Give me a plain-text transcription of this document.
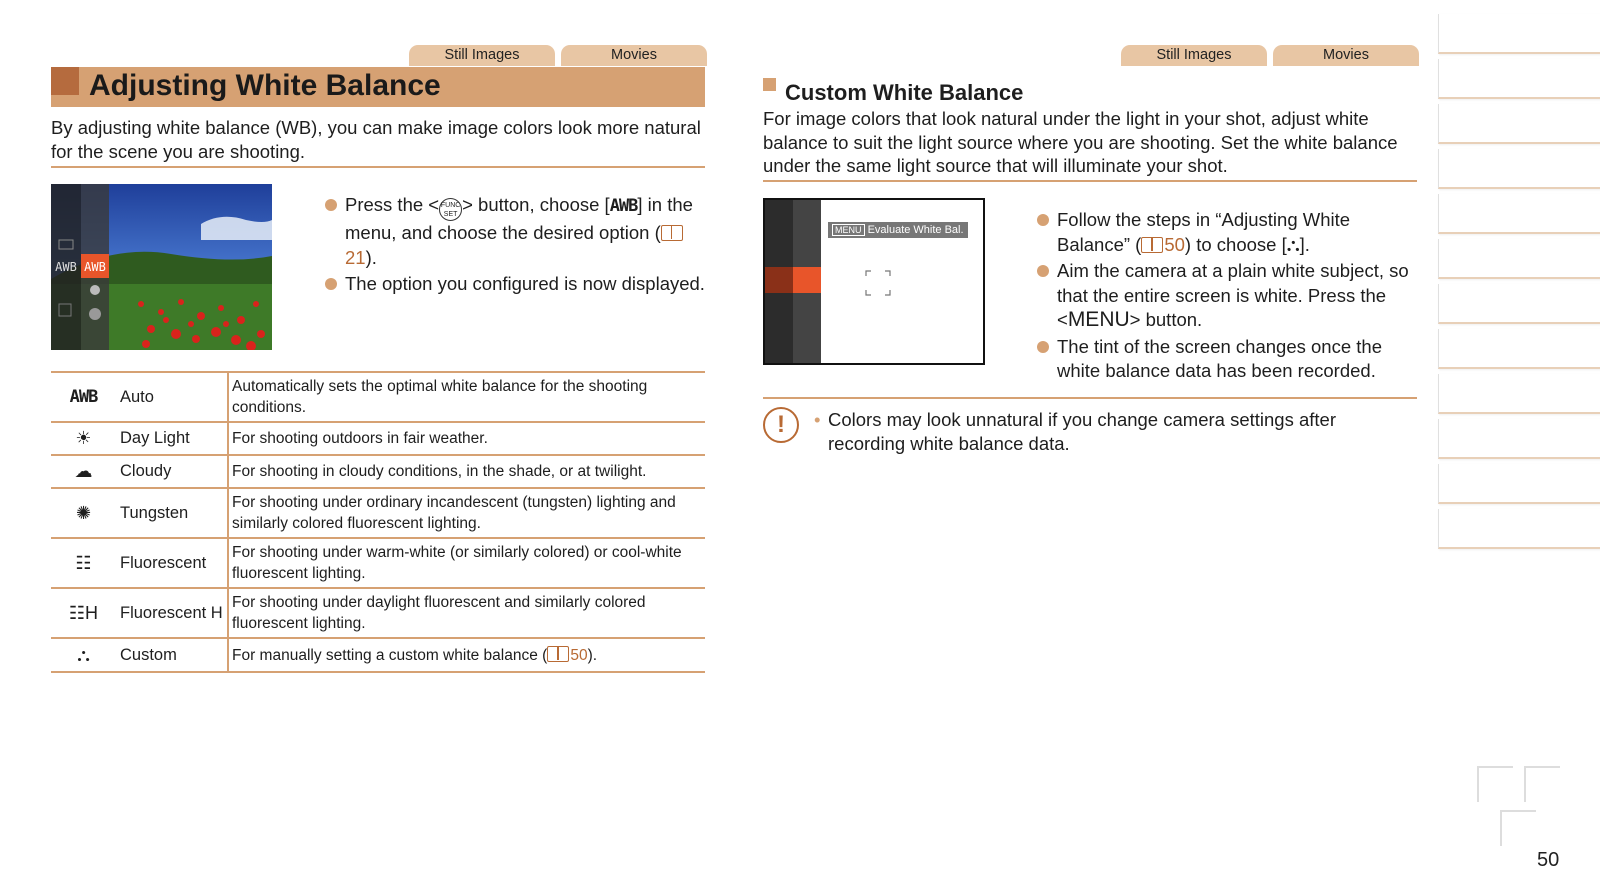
Still Images	Movies
Adjusting White Balance
By adjusting white balance (WB), you can make image colors look more natural for the scene you are shooting.
AWB AWB
Press the < FUNC
SET > button, choose [AWB] in the menu, and choose the desired option (21).
The option you configured is now displayed.
AWB	Auto	Automatically sets the optimal white balance for the shooting conditions.
☀	Day Light	For shooting outdoors in fair weather.
☁	Cloudy	For shooting in cloudy conditions, in the shade, or at twilight.
✺	Tungsten	For shooting under ordinary incandescent (tungsten) lighting and similarly colored fluorescent lighting.
☷	Fluorescent	For shooting under warm-white (or similarly colored) or cool-white fluorescent lighting.
☷H	Fluorescent H	For shooting under daylight fluorescent and similarly colored fluorescent lighting.
⛬	Custom	For manually setting a custom white balance ( 50).
Still Images	Movies
Custom White Balance
For image colors that look natural under the light in your shot, adjust white balance to suit the light source where you are shooting. Set the white balance under the same light source that will illuminate your shot.
MENU Evaluate White Bal.	Follow the steps in “Adjusting White Balance” ( 50) to choose [⛬].
Aim the camera at a plain white subject, so that the entire screen is white. Press the <MENU> button.
The tint of the screen changes once the white balance data has been recorded.
!	• Colors may look unnatural if you change camera settings after recording white balance data.
50
